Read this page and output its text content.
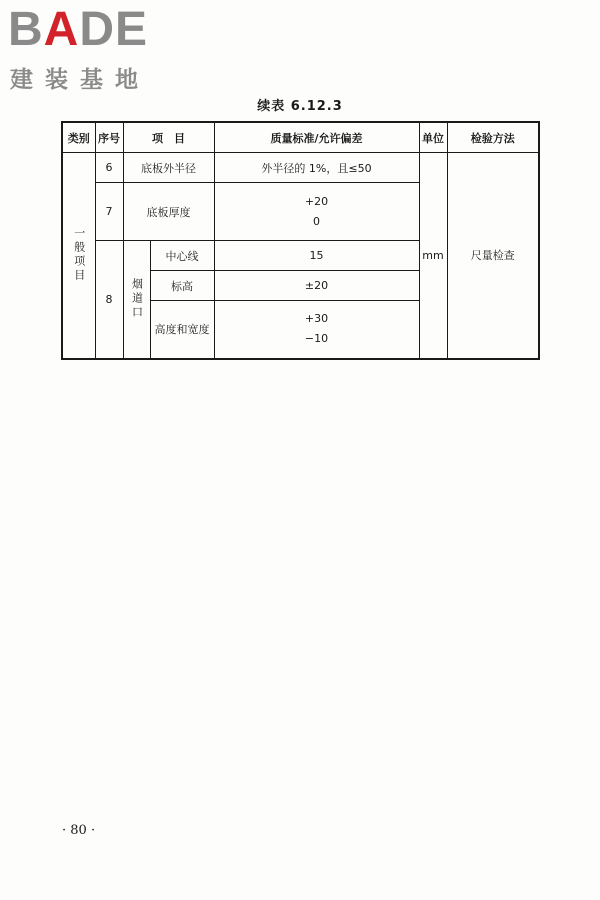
BADE
建装基地
续表 6.12.3
类别	序号	项　目		质量标准/允许偏差	单位	检验方法

一般项目	6	底板外半径		外半径的 1%，且≤50	mm	尺量检查
	7	底板厚度		+20
0		

	8	烟道口	中心线	15		
			标高	±20		
			高度和宽度	+30
−10		
· 80 ·
